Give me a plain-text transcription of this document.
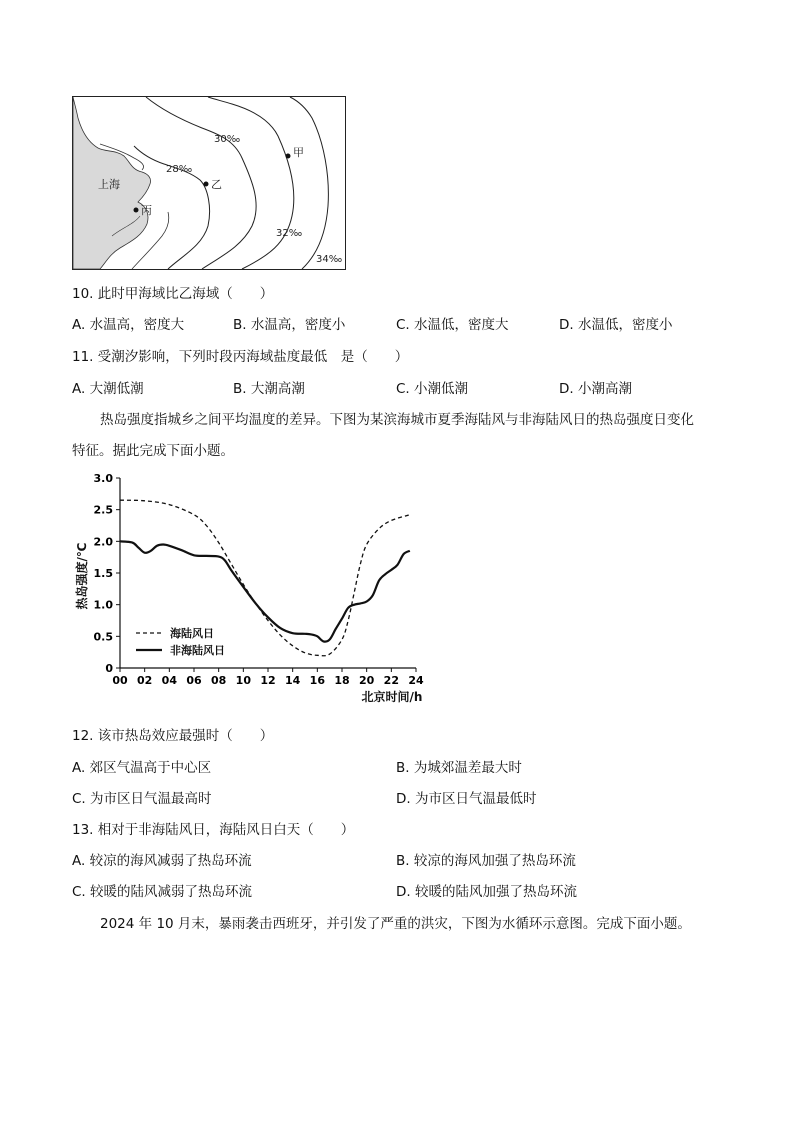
上海
甲
乙
丙
28‰
30‰
32‰
34‰
10. 此时甲海域比乙海域（　　）
A. 水温高，密度大	B. 水温高，密度小	C. 水温低，密度大	D. 水温低，密度小
11. 受潮汐影响，下列时段丙海域盐度最低　是（　　）
A. 大潮低潮	B. 大潮高潮	C. 小潮低潮	D. 小潮高潮
热岛强度指城乡之间平均温度的差异。下图为某滨海城市夏季海陆风与非海陆风日的热岛强度日变化
特征。据此完成下面小题。
0
0.5
1.0
1.5
2.0
2.5
3.0
00 02 04 06 08 10 12 14 16 18 20 22 24
热岛强度/℃
北京时间/h
海陆风日
非海陆风日
12. 该市热岛效应最强时（　　）
A. 郊区气温高于中心区	B. 为城郊温差最大时
C. 为市区日气温最高时	D. 为市区日气温最低时
13. 相对于非海陆风日，海陆风日白天（　　）
A. 较凉的海风减弱了热岛环流	B. 较凉的海风加强了热岛环流
C. 较暖的陆风减弱了热岛环流	D. 较暖的陆风加强了热岛环流
2024 年 10 月末，暴雨袭击西班牙，并引发了严重的洪灾，下图为水循环示意图。完成下面小题。
